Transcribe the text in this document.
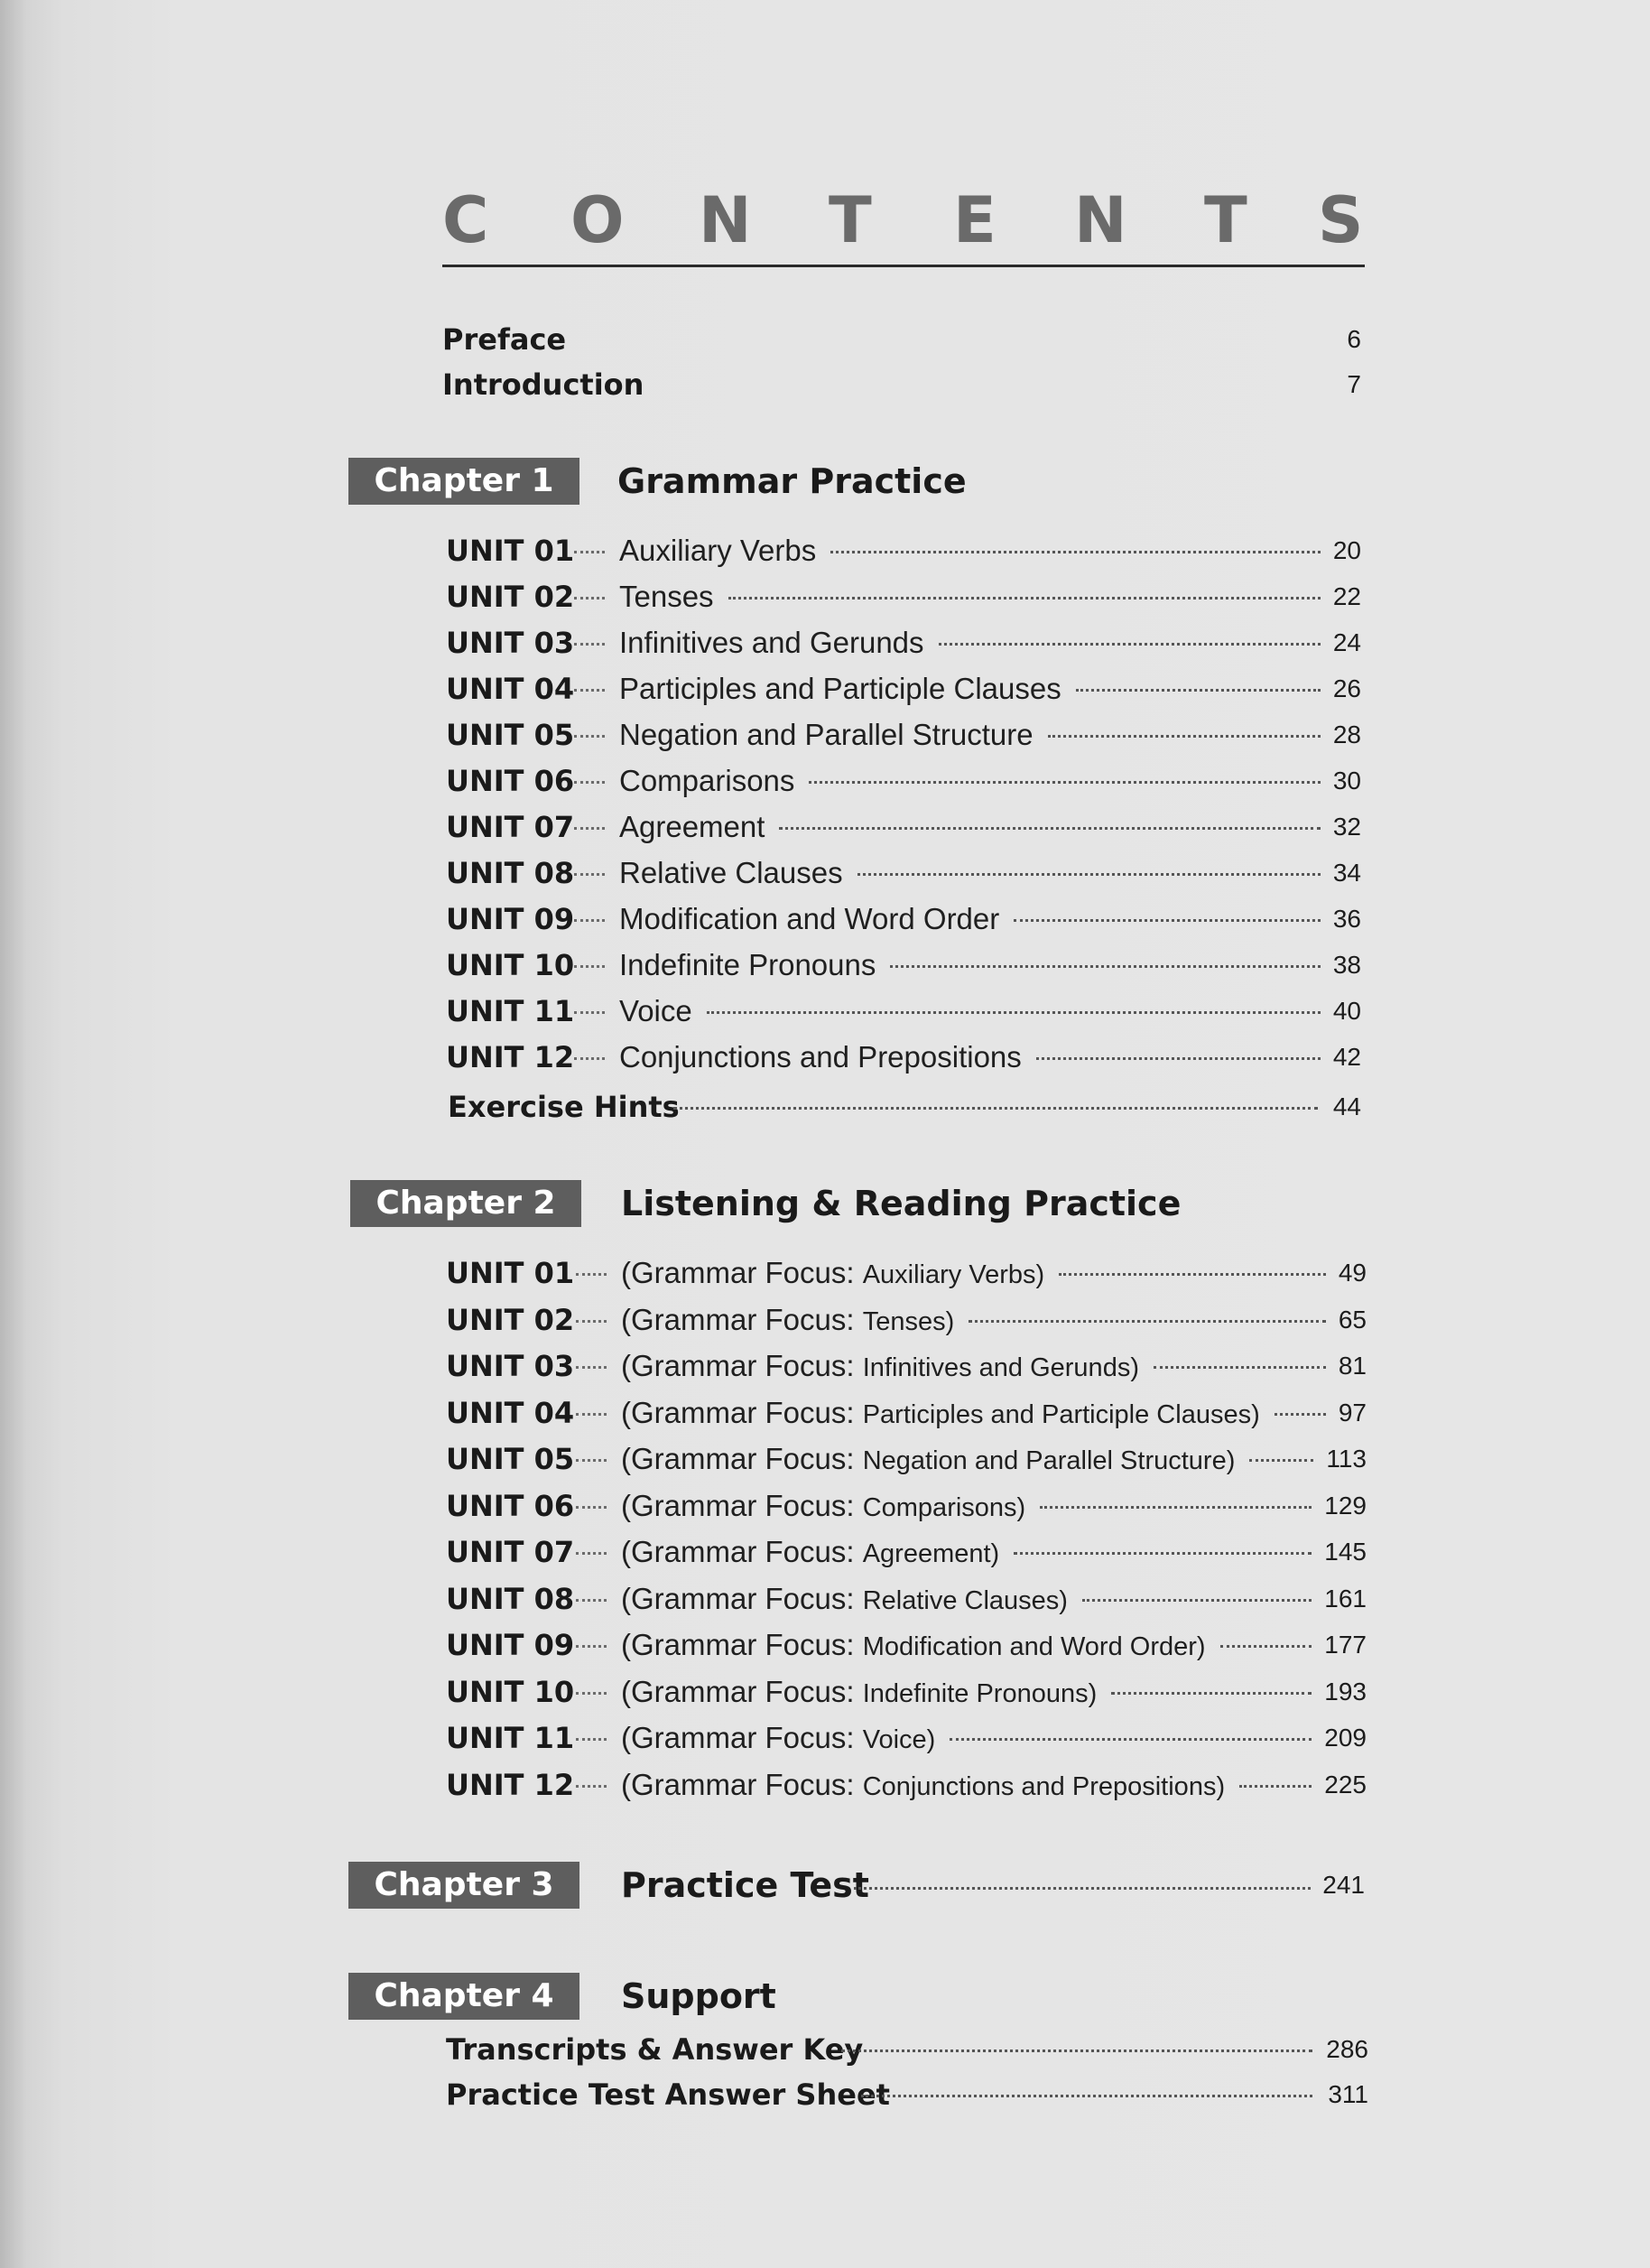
C O N T E N T S
Preface	6
Introduction	7
Chapter 1	Grammar Practice
UNIT 01 Auxiliary Verbs	20
UNIT 02 Tenses	22
UNIT 03 Infinitives and Gerunds	24
UNIT 04 Participles and Participle Clauses	26
UNIT 05 Negation and Parallel Structure	28
UNIT 06 Comparisons	30
UNIT 07 Agreement	32
UNIT 08 Relative Clauses	34
UNIT 09 Modification and Word Order	36
UNIT 10 Indefinite Pronouns	38
UNIT 11 Voice	40
UNIT 12 Conjunctions and Prepositions	42
Exercise Hints	44
Chapter 2	Listening & Reading Practice
UNIT 01 (Grammar Focus: Auxiliary Verbs)	49
UNIT 02 (Grammar Focus: Tenses)	65
UNIT 03 (Grammar Focus: Infinitives and Gerunds)	81
UNIT 04 (Grammar Focus: Participles and Participle Clauses)	97
UNIT 05 (Grammar Focus: Negation and Parallel Structure)	113
UNIT 06 (Grammar Focus: Comparisons)	129
UNIT 07 (Grammar Focus: Agreement)	145
UNIT 08 (Grammar Focus: Relative Clauses)	161
UNIT 09 (Grammar Focus: Modification and Word Order)	177
UNIT 10 (Grammar Focus: Indefinite Pronouns)	193
UNIT 11 (Grammar Focus: Voice)	209
UNIT 12 (Grammar Focus: Conjunctions and Prepositions)	225
Chapter 3	Practice Test	241
Chapter 4	Support
Transcripts & Answer Key	286
Practice Test Answer Sheet	311
